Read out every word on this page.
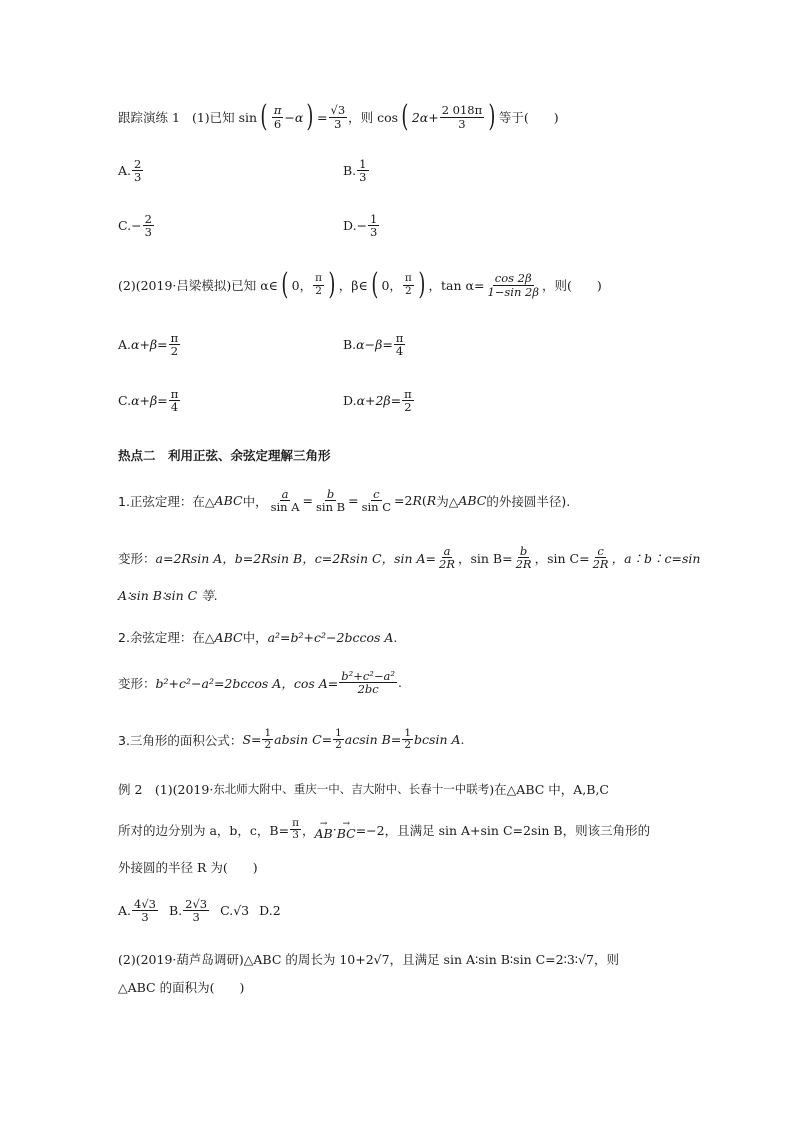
跟踪演练 1 (1)已知 sin ( $\frac{\pi}{6} - \alpha$ ) = $\frac{√3}{3}$ ，则 cos ( $2\alpha+ \frac{2 018\pi}{3}$ ) 等于(　　)
A. $\frac{2}{3}$	B. $\frac{1}{3}$
C. − $\frac{2}{3}$	D. − $\frac{1}{3}$
(2)(2019· 吕梁模拟 )已知 α∈ ( 0， $\frac{\pi}{2}$ ) ，β∈ ( 0， $\frac{\pi}{2}$ ) ，$\tan \alpha= \frac{\cos 2\beta}{1-\sin 2\beta}$ ，则(　　)
A. $\alpha+\beta= \frac{\pi}{2}$	B. $\alpha-\beta= \frac{\pi}{4}$
C. $\alpha+\beta= \frac{\pi}{4}$	D. $\alpha+2\beta= \frac{\pi}{2}$
热点二　利用正弦、余弦定理解三角形
1.正弦定理：在△ ABC 中， $\frac{a}{\text{sin A}} = \frac{b}{\text{sin B}} = \frac{c}{\text{sin C}} =2$ R ( R 为△ ABC 的外接圆半径).
变形： a=2Rsin A，b=2Rsin B，c=2Rsin C，$\sin A= \frac{a}{2R}$ ，$\sin B= \frac{b}{2R}$ ，$\sin C= \frac{c}{2R}$ ，a∶b∶c=sin
A∶sin B∶sin C 等.
2.余弦定理：在△ ABC 中， a²=b²+c²−2bccos A.
变形： b²+c²−a²=2bccos A，$\cos A= \frac{\text{b²+c²−a²}}{2bc}$ .
3.三角形的面积公式： $S= \frac{1}{2}$ absin $C= \frac{1}{2}$ acsin $B= \frac{1}{2}$ bcsin A.
例 2　(1)(2019· 东北师大附中、重庆一中、吉大附中、长春十一中联考 )在△ABC 中，A,B,C
所对的边分别为 a，b，c，$B= \frac{\pi}{3}$ ， →
AB · →
BC =−2，且满足 sin A+sin C=2sin B，则该三角形的
外接圆的半径 R 为(　　)
A. $\frac{4√3}{3} B$. $\frac{2√3}{3} C.√3$ D.2
(2)(2019· 葫芦岛调研 )△ABC 的周长为 10+2√7，且满足 sin A∶sin B∶sin C=2∶3∶√7，则
△ABC 的面积为(　　)
